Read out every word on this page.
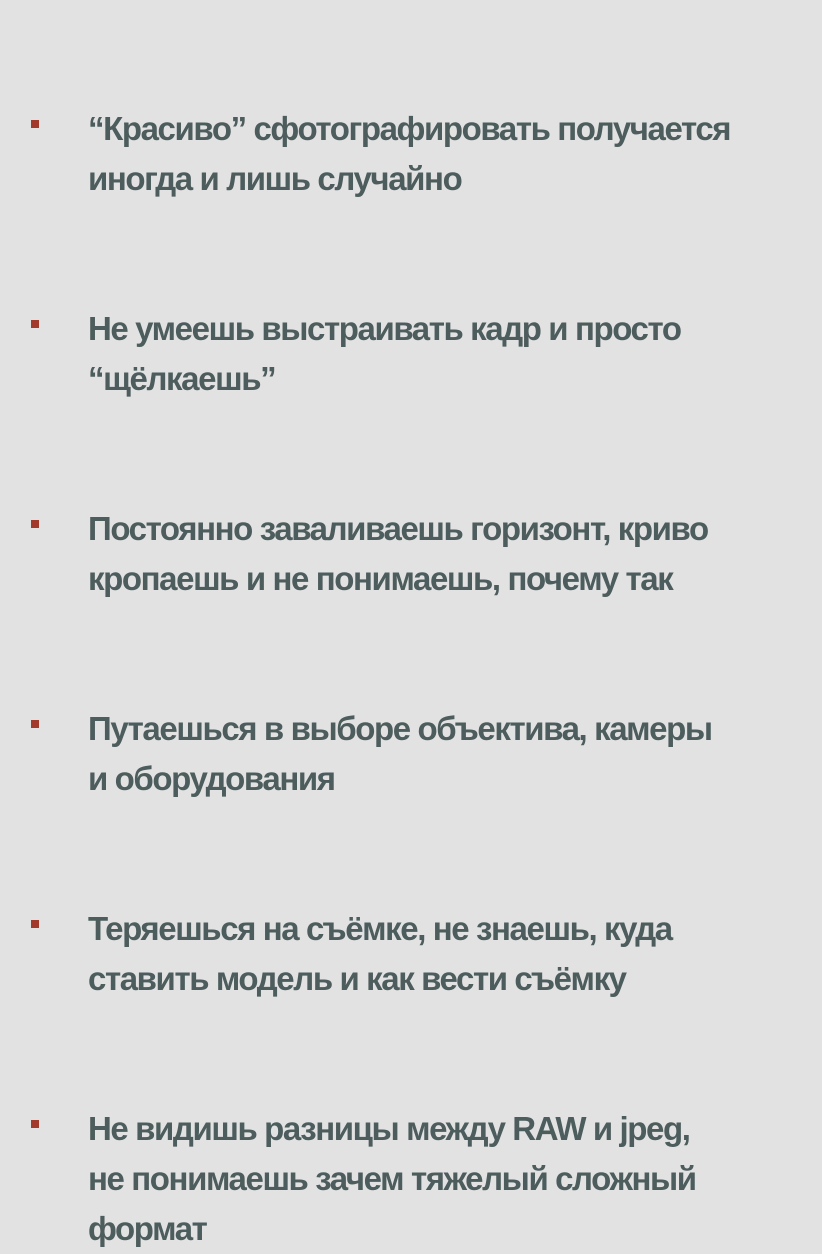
“Красиво” сфотографировать получается
иногда и лишь случайно
Не умеешь выстраивать кадр и просто
“щёлкаешь”
Постоянно заваливаешь горизонт, криво
кропаешь и не понимаешь, почему так
Путаешься в выборе объектива, камеры
и оборудования
Теряешься на съёмке, не знаешь, куда
ставить модель и как вести съёмку
Не видишь разницы между RAW и jpeg,
не понимаешь зачем тяжелый сложный
формат
